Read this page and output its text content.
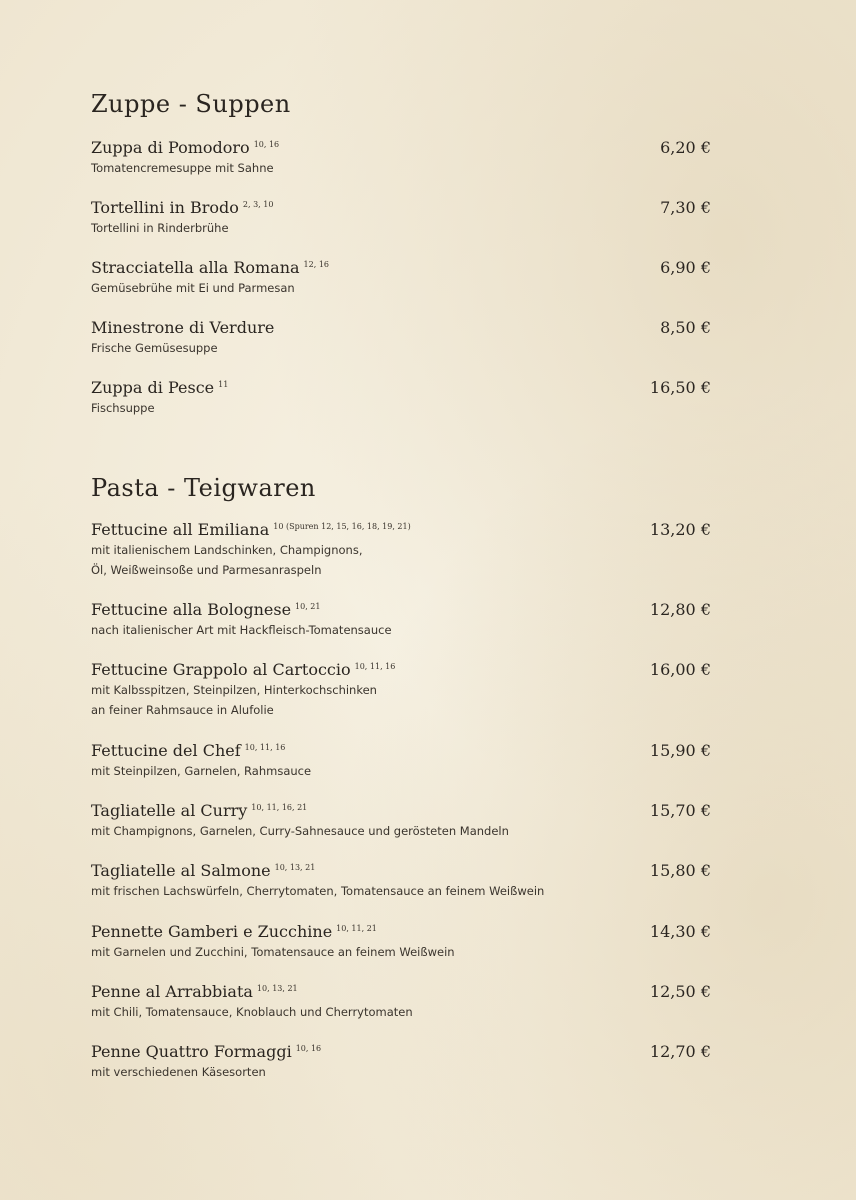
Zuppe - Suppen
Zuppa di Pomodoro $^{10, 16}$
Tomatencremesuppe mit Sahne
6,20 €
Tortellini in Brodo $^{2, 3, 10}$
Tortellini in Rinderbrühe
7,30 €
Stracciatella alla Romana $^{12, 16}$
Gemüsebrühe mit Ei und Parmesan
6,90 €
Minestrone di Verdure
Frische Gemüsesuppe
8,50 €
Zuppa di Pesce $^{11}$
Fischsuppe
16,50 €
Pasta - Teigwaren
Fettucine all Emiliana $^{10 (Spuren 12, 15, 16, 18, 19, 21)}$
mit italienischem Landschinken, Champignons,
Öl, Weißweinsoße und Parmesanraspeln
13,20 €
Fettucine alla Bolognese $^{10, 21}$
nach italienischer Art mit Hackfleisch-Tomatensauce
12,80 €
Fettucine Grappolo al Cartoccio $^{10, 11, 16}$
mit Kalbsspitzen, Steinpilzen, Hinterkochschinken
an feiner Rahmsauce in Alufolie
16,00 €
Fettucine del Chef $^{10, 11, 16}$
mit Steinpilzen, Garnelen, Rahmsauce
15,90 €
Tagliatelle al Curry $^{10, 11, 16, 21}$
mit Champignons, Garnelen, Curry-Sahnesauce und gerösteten Mandeln
15,70 €
Tagliatelle al Salmone $^{10, 13, 21}$
mit frischen Lachswürfeln, Cherrytomaten, Tomatensauce an feinem Weißwein
15,80 €
Pennette Gamberi e Zucchine $^{10, 11, 21}$
mit Garnelen und Zucchini, Tomatensauce an feinem Weißwein
14,30 €
Penne al Arrabbiata $^{10, 13, 21}$
mit Chili, Tomatensauce, Knoblauch und Cherrytomaten
12,50 €
Penne Quattro Formaggi $^{10, 16}$
mit verschiedenen Käsesorten
12,70 €
